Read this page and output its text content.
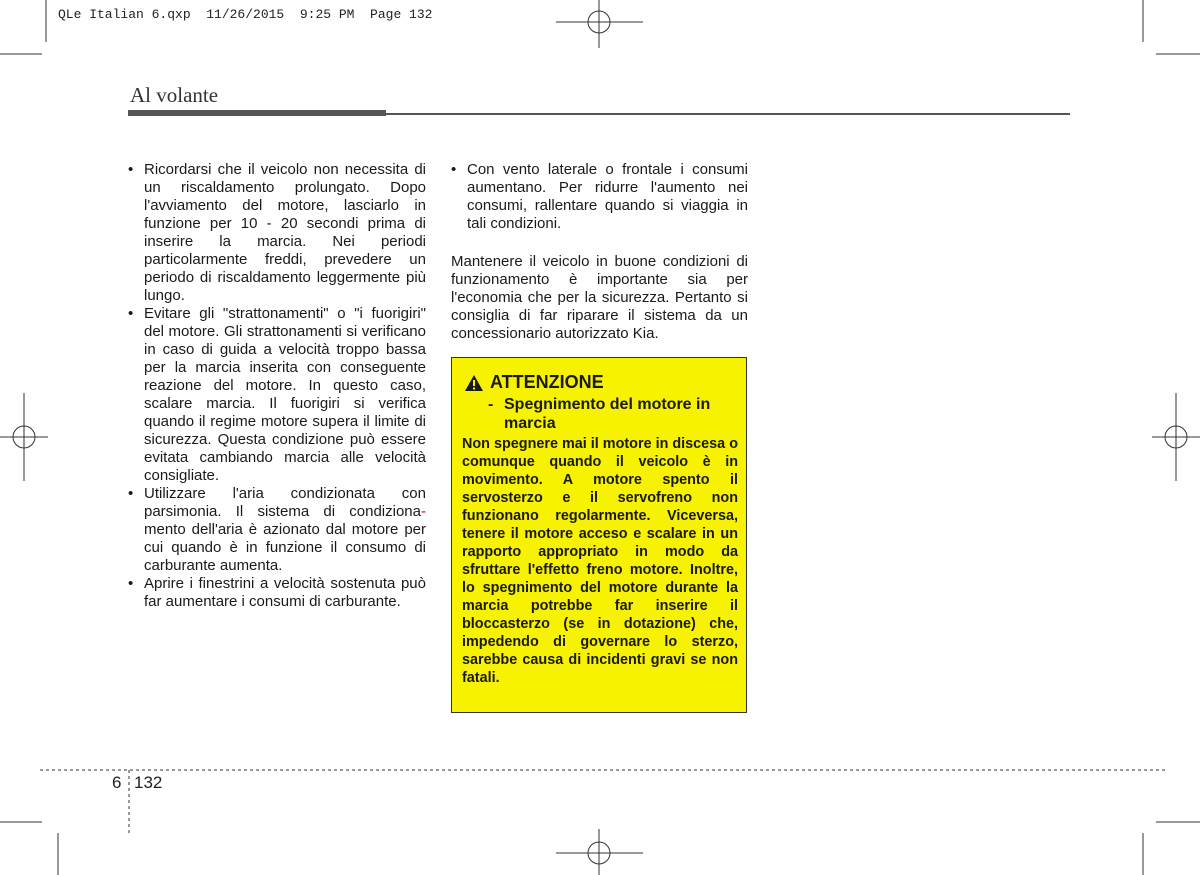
QLe Italian 6.qxp  11/26/2015  9:25 PM  Page 132
Al volante
• Ricordarsi che il veicolo non necessita di un riscaldamento prolungato. Dopo l'avviamento del motore, lasciarlo in funzione per 10 - 20 secondi prima di inserire la marcia. Nei periodi particolarmente freddi, prevedere un periodo di riscaldamento leggermente più lungo.
• Evitare gli "strattonamenti" o "i fuorigiri" del motore. Gli strattonamenti si verificano in caso di guida a velocità troppo bassa per la marcia inserita con conseguente reazione del motore. In questo caso, scalare marcia. Il fuorigiri si verifica quando il regime motore supera il limite di sicurezza. Questa condizione può essere evitata cambiando marcia alle velocità consigliate.
• Utilizzare l'aria condizionata con parsimonia. Il sistema di condiziona-mento dell'aria è azionato dal motore per cui quando è in funzione il consumo di carburante aumenta.
• Aprire i finestrini a velocità sostenuta può far aumentare i consumi di carburante.
• Con vento laterale o frontale i consumi aumentano. Per ridurre l'aumento nei consumi, rallentare quando si viaggia in tali condizioni.

Mantenere il veicolo in buone condizioni di funzionamento è importante sia per l'economia che per la sicurezza. Pertanto si consiglia di far riparare il sistema da un concessionario autorizzato Kia.

ATTENZIONE
- Spegnimento del motore in marcia
Non spegnere mai il motore in discesa o comunque quando il veicolo è in movimento. A motore spento il servosterzo e il servofreno non funzionano regolarmente. Viceversa, tenere il motore acceso e scalare in un rapporto appropriato in modo da sfruttare l'effetto freno motore. Inoltre, lo spegnimento del motore durante la marcia potrebbe far inserire il bloccasterzo (se in dotazione) che, impedendo di governare lo sterzo, sarebbe causa di incidenti gravi se non fatali.
6 132
